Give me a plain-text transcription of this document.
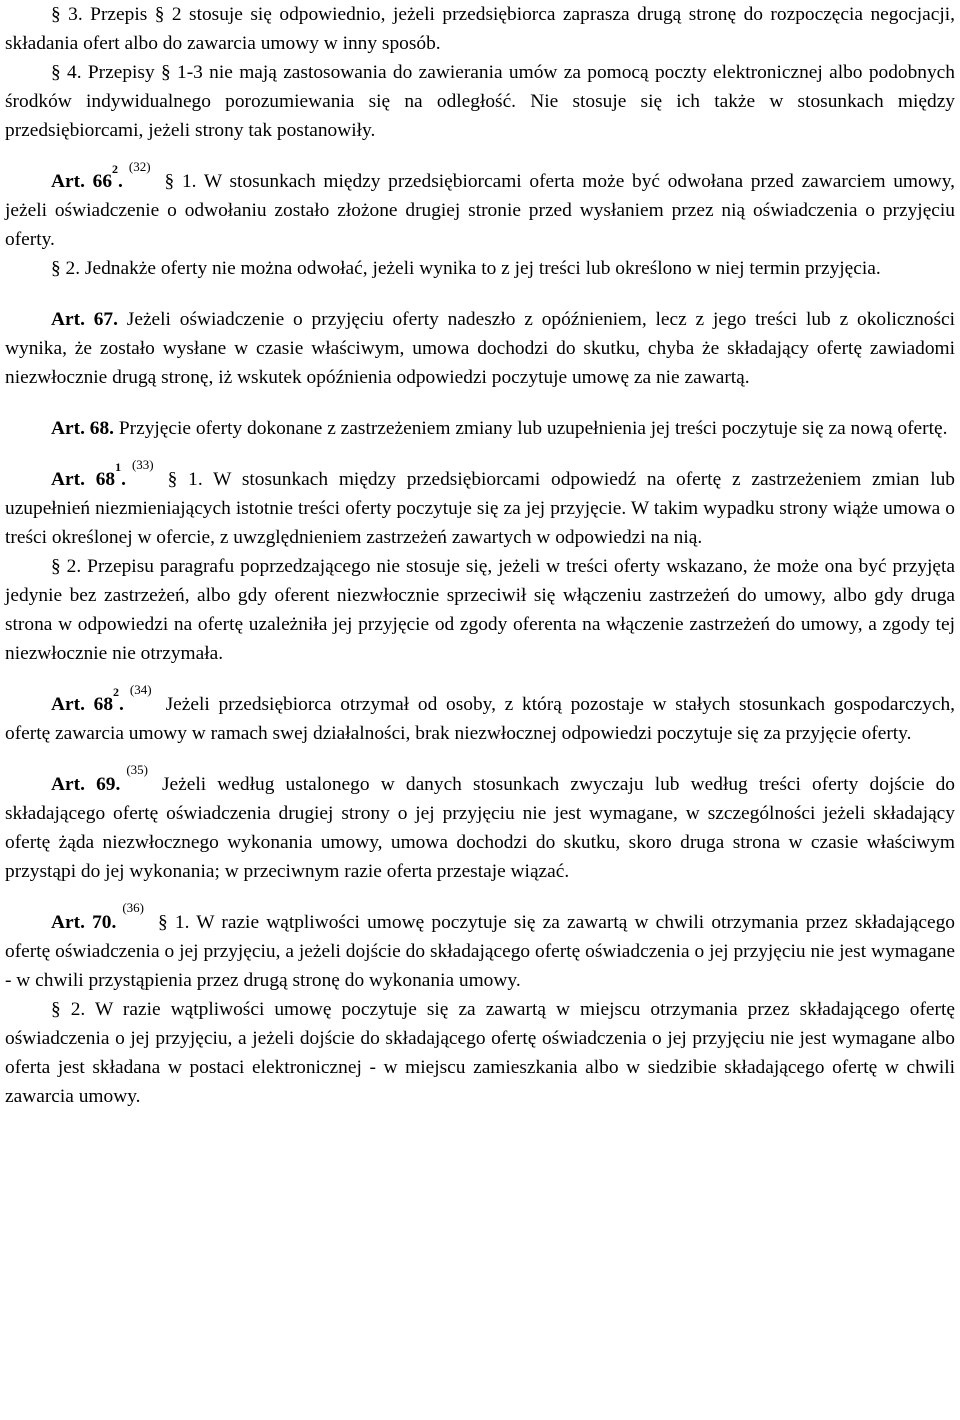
§ 3. Przepis § 2 stosuje się odpowiednio, jeżeli przedsiębiorca zaprasza drugą stronę do rozpoczęcia negocjacji, składania ofert albo do zawarcia umowy w inny sposób.

§ 4. Przepisy § 1-3 nie mają zastosowania do zawierania umów za pomocą poczty elektronicznej albo podobnych środków indywidualnego porozumiewania się na odległość. Nie stosuje się ich także w stosunkach między przedsiębiorcami, jeżeli strony tak postanowiły.

Art. $66^2.^{(32)}\S$ 1. W stosunkach między przedsiębiorcami oferta może być odwołana przed zawarciem umowy, jeżeli oświadczenie o odwołaniu zostało złożone drugiej stronie przed wysłaniem przez nią oświadczenia o przyjęciu oferty.

§ 2. Jednakże oferty nie można odwołać, jeżeli wynika to z jej treści lub określono w niej termin przyjęcia.

Art. 67. Jeżeli oświadczenie o przyjęciu oferty nadeszło z opóźnieniem, lecz z jego treści lub z okoliczności wynika, że zostało wysłane w czasie właściwym, umowa dochodzi do skutku, chyba że składający ofertę zawiadomi niezwłocznie drugą stronę, iż wskutek opóźnienia odpowiedzi poczytuje umowę za nie zawartą.

Art. 68. Przyjęcie oferty dokonane z zastrzeżeniem zmiany lub uzupełnienia jej treści poczytuje się za nową ofertę.

Art. $68^1.^{(33)}\S$ 1. W stosunkach między przedsiębiorcami odpowiedź na ofertę z zastrzeżeniem zmian lub uzupełnień niezmieniających istotnie treści oferty poczytuje się za jej przyjęcie. W takim wypadku strony wiąże umowa o treści określonej w ofercie, z uwzględnieniem zastrzeżeń zawartych w odpowiedzi na nią.

§ 2. Przepisu paragrafu poprzedzającego nie stosuje się, jeżeli w treści oferty wskazano, że może ona być przyjęta jedynie bez zastrzeżeń, albo gdy oferent niezwłocznie sprzeciwił się włączeniu zastrzeżeń do umowy, albo gdy druga strona w odpowiedzi na ofertę uzależniła jej przyjęcie od zgody oferenta na włączenie zastrzeżeń do umowy, a zgody tej niezwłocznie nie otrzymała.

Art. $68^2.^{(34)}Jeżeli$ przedsiębiorca otrzymał od osoby, z którą pozostaje w stałych stosunkach gospodarczych, ofertę zawarcia umowy w ramach swej działalności, brak niezwłocznej odpowiedzi poczytuje się za przyjęcie oferty.

Art. 69.$^{(35)}$Jeżeli według ustalonego w danych stosunkach zwyczaju lub według treści oferty dojście do składającego ofertę oświadczenia drugiej strony o jej przyjęciu nie jest wymagane, w szczególności jeżeli składający ofertę żąda niezwłocznego wykonania umowy, umowa dochodzi do skutku, skoro druga strona w czasie właściwym przystąpi do jej wykonania; w przeciwnym razie oferta przestaje wiązać.

Art. 70.$^{(36)}$§ 1. W razie wątpliwości umowę poczytuje się za zawartą w chwili otrzymania przez składającego ofertę oświadczenia o jej przyjęciu, a jeżeli dojście do składającego ofertę oświadczenia o jej przyjęciu nie jest wymagane - w chwili przystąpienia przez drugą stronę do wykonania umowy.

§ 2. W razie wątpliwości umowę poczytuje się za zawartą w miejscu otrzymania przez składającego ofertę oświadczenia o jej przyjęciu, a jeżeli dojście do składającego ofertę oświadczenia o jej przyjęciu nie jest wymagane albo oferta jest składana w postaci elektronicznej - w miejscu zamieszkania albo w siedzibie składającego ofertę w chwili zawarcia umowy.
